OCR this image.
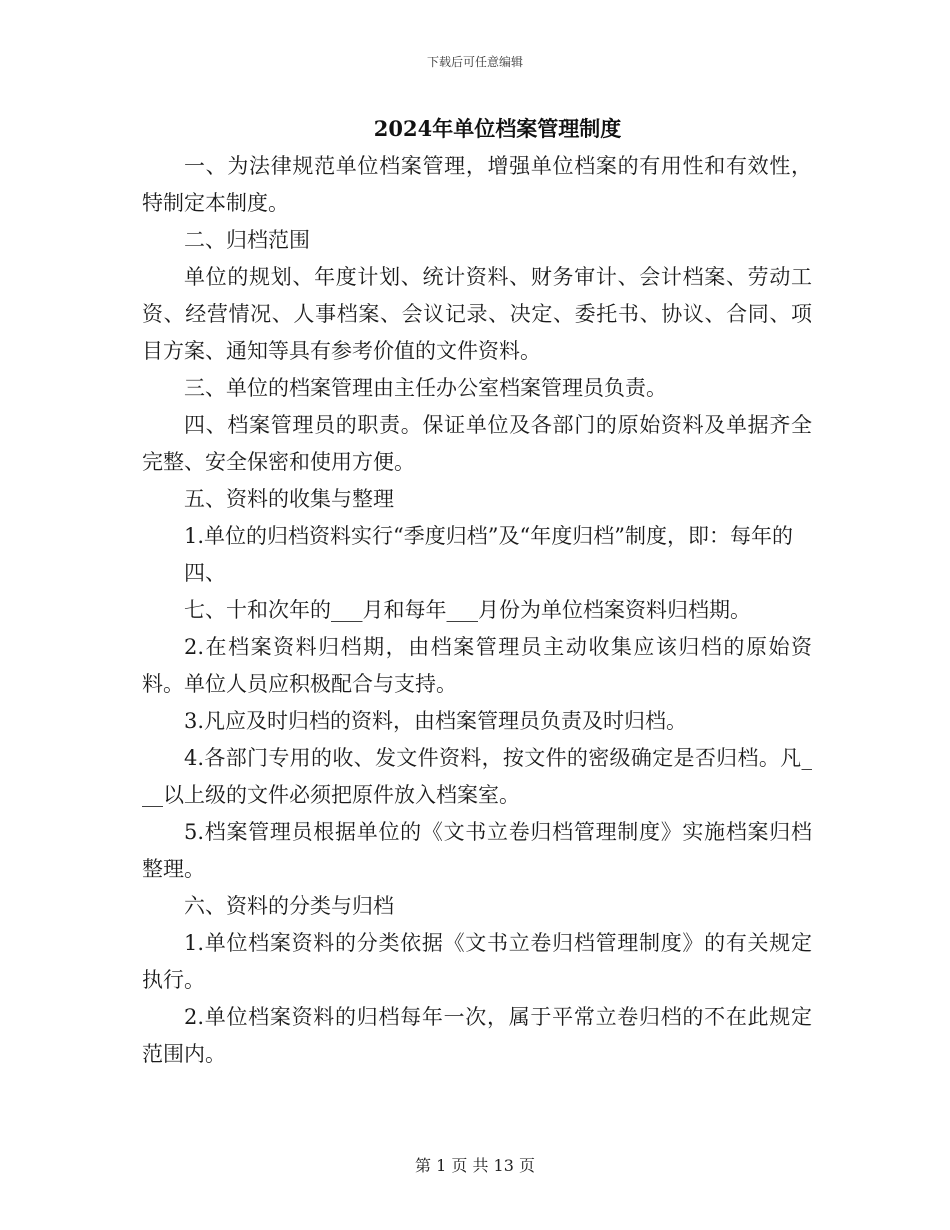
下载后可任意编辑
2024年单位档案管理制度

一、为法律规范单位档案管理，增强单位档案的有用性和有效性，特制定本制度。

二、归档范围

单位的规划、年度计划、统计资料、财务审计、会计档案、劳动工资、经营情况、人事档案、会议记录、决定、委托书、协议、合同、项目方案、通知等具有参考价值的文件资料。

三、单位的档案管理由主任办公室档案管理员负责。

四、档案管理员的职责。保证单位及各部门的原始资料及单据齐全完整、安全保密和使用方便。

五、资料的收集与整理

1.单位的归档资料实行“季度归档”及“年度归档”制度，即：每年的

四、

七、十和次年的___月和每年___月份为单位档案资料归档期。

2.在档案资料归档期，由档案管理员主动收集应该归档的原始资料。单位人员应积极配合与支持。

3.凡应及时归档的资料，由档案管理员负责及时归档。

4.各部门专用的收、发文件资料，按文件的密级确定是否归档。凡___以上级的文件必须把原件放入档案室。

5.档案管理员根据单位的《文书立卷归档管理制度》实施档案归档整理。

六、资料的分类与归档

1.单位档案资料的分类依据《文书立卷归档管理制度》的有关规定执行。

2.单位档案资料的归档每年一次，属于平常立卷归档的不在此规定范围内。

第 1 页 共 13 页
